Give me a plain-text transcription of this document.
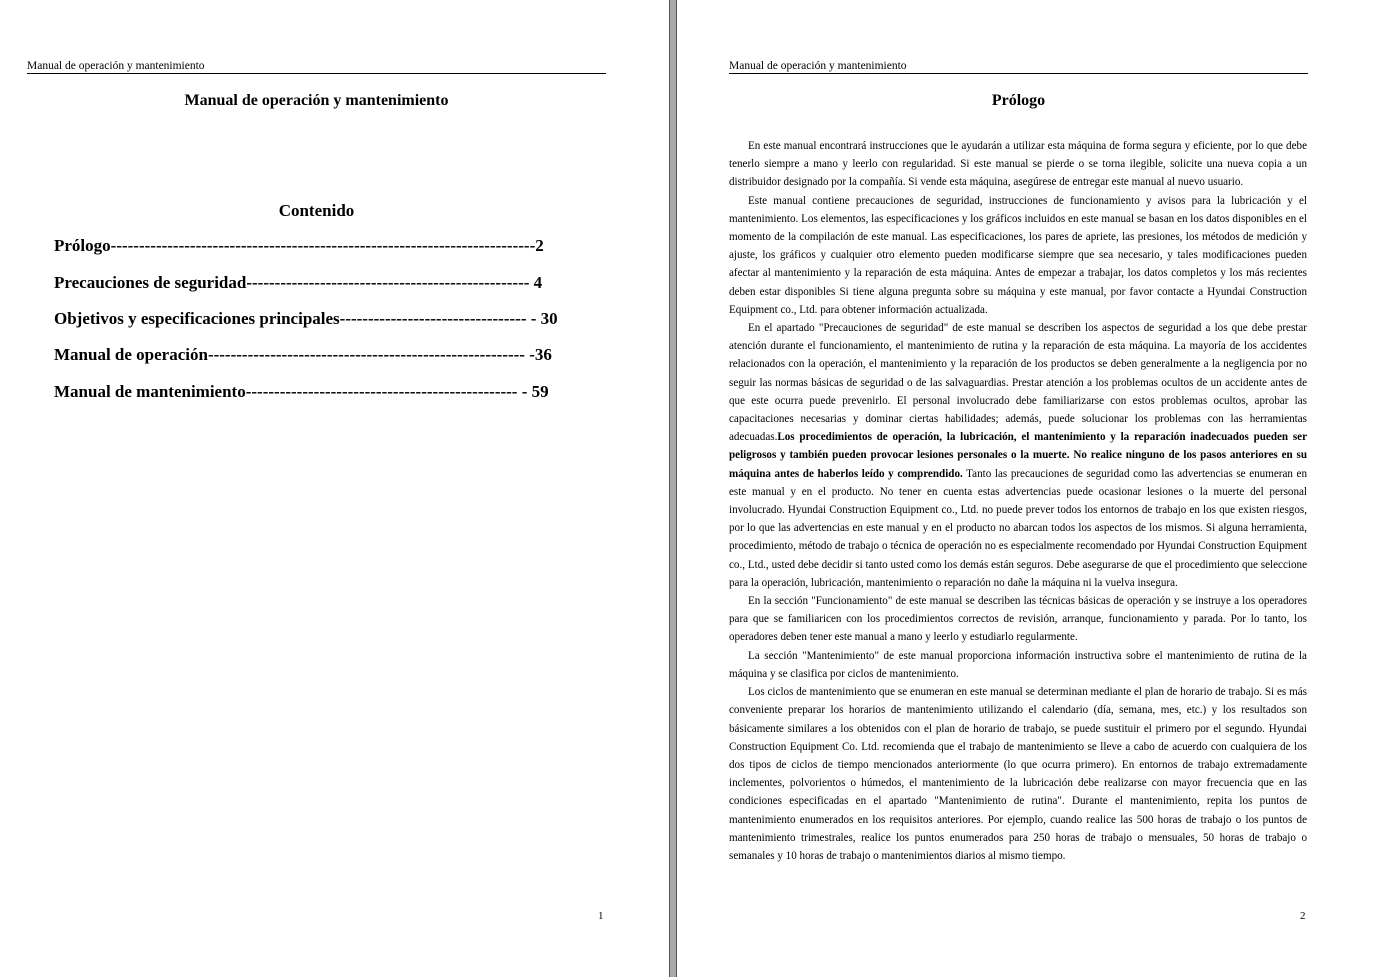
Manual de operación y mantenimiento
Manual de operación y mantenimiento
Contenido
Prólogo---------------------------------------------------------------------------2
Precauciones de seguridad-------------------------------------------------- 4
Objetivos y especificaciones principales--------------------------------- - 30
Manual de operación-------------------------------------------------------- -36
Manual de mantenimiento------------------------------------------------ - 59
1
Manual de operación y mantenimiento
Prólogo

En este manual encontrará instrucciones que le ayudarán a utilizar esta máquina de forma segura y eficiente, por lo que debe tenerlo siempre a mano y leerlo con regularidad. Si este manual se pierde o se torna ilegible, solicite una nueva copia a un distribuidor designado por la compañía. Si vende esta máquina, asegúrese de entregar este manual al nuevo usuario.

Este manual contiene precauciones de seguridad, instrucciones de funcionamiento y avisos para la lubricación y el mantenimiento. Los elementos, las especificaciones y los gráficos incluidos en este manual se basan en los datos disponibles en el momento de la compilación de este manual. Las especificaciones, los pares de apriete, las presiones, los métodos de medición y ajuste, los gráficos y cualquier otro elemento pueden modificarse siempre que sea necesario, y tales modificaciones pueden afectar al mantenimiento y la reparación de esta máquina. Antes de empezar a trabajar, los datos completos y los más recientes deben estar disponibles Si tiene alguna pregunta sobre su máquina y este manual, por favor contacte a Hyundai Construction Equipment co., Ltd. para obtener información actualizada.

En el apartado "Precauciones de seguridad" de este manual se describen los aspectos de seguridad a los que debe prestar atención durante el funcionamiento, el mantenimiento de rutina y la reparación de esta máquina. La mayoría de los accidentes relacionados con la operación, el mantenimiento y la reparación de los productos se deben generalmente a la negligencia por no seguir las normas básicas de seguridad o de las salvaguardias. Prestar atención a los problemas ocultos de un accidente antes de que este ocurra puede prevenirlo. El personal involucrado debe familiarizarse con estos problemas ocultos, aprobar las capacitaciones necesarias y dominar ciertas habilidades; además, puede solucionar los problemas con las herramientas adecuadas.Los procedimientos de operación, la lubricación, el mantenimiento y la reparación inadecuados pueden ser peligrosos y también pueden provocar lesiones personales o la muerte. No realice ninguno de los pasos anteriores en su máquina antes de haberlos leído y comprendido. Tanto las precauciones de seguridad como las advertencias se enumeran en este manual y en el producto. No tener en cuenta estas advertencias puede ocasionar lesiones o la muerte del personal involucrado. Hyundai Construction Equipment co., Ltd. no puede prever todos los entornos de trabajo en los que existen riesgos, por lo que las advertencias en este manual y en el producto no abarcan todos los aspectos de los mismos. Si alguna herramienta, procedimiento, método de trabajo o técnica de operación no es especialmente recomendado por Hyundai Construction Equipment co., Ltd., usted debe decidir si tanto usted como los demás están seguros. Debe asegurarse de que el procedimiento que seleccione para la operación, lubricación, mantenimiento o reparación no dañe la máquina ni la vuelva insegura.

En la sección "Funcionamiento" de este manual se describen las técnicas básicas de operación y se instruye a los operadores para que se familiaricen con los procedimientos correctos de revisión, arranque, funcionamiento y parada. Por lo tanto, los operadores deben tener este manual a mano y leerlo y estudiarlo regularmente.

La sección "Mantenimiento" de este manual proporciona información instructiva sobre el mantenimiento de rutina de la máquina y se clasifica por ciclos de mantenimiento.

Los ciclos de mantenimiento que se enumeran en este manual se determinan mediante el plan de horario de trabajo. Si es más conveniente preparar los horarios de mantenimiento utilizando el calendario (día, semana, mes, etc.) y los resultados son básicamente similares a los obtenidos con el plan de horario de trabajo, se puede sustituir el primero por el segundo. Hyundai Construction Equipment Co. Ltd. recomienda que el trabajo de mantenimiento se lleve a cabo de acuerdo con cualquiera de los dos tipos de ciclos de tiempo mencionados anteriormente (lo que ocurra primero). En entornos de trabajo extremadamente inclementes, polvorientos o húmedos, el mantenimiento de la lubricación debe realizarse con mayor frecuencia que en las condiciones especificadas en el apartado "Mantenimiento de rutina". Durante el mantenimiento, repita los puntos de mantenimiento enumerados en los requisitos anteriores. Por ejemplo, cuando realice las 500 horas de trabajo o los puntos de mantenimiento trimestrales, realice los puntos enumerados para 250 horas de trabajo o mensuales, 50 horas de trabajo o semanales y 10 horas de trabajo o mantenimientos diarios al mismo tiempo.

2
